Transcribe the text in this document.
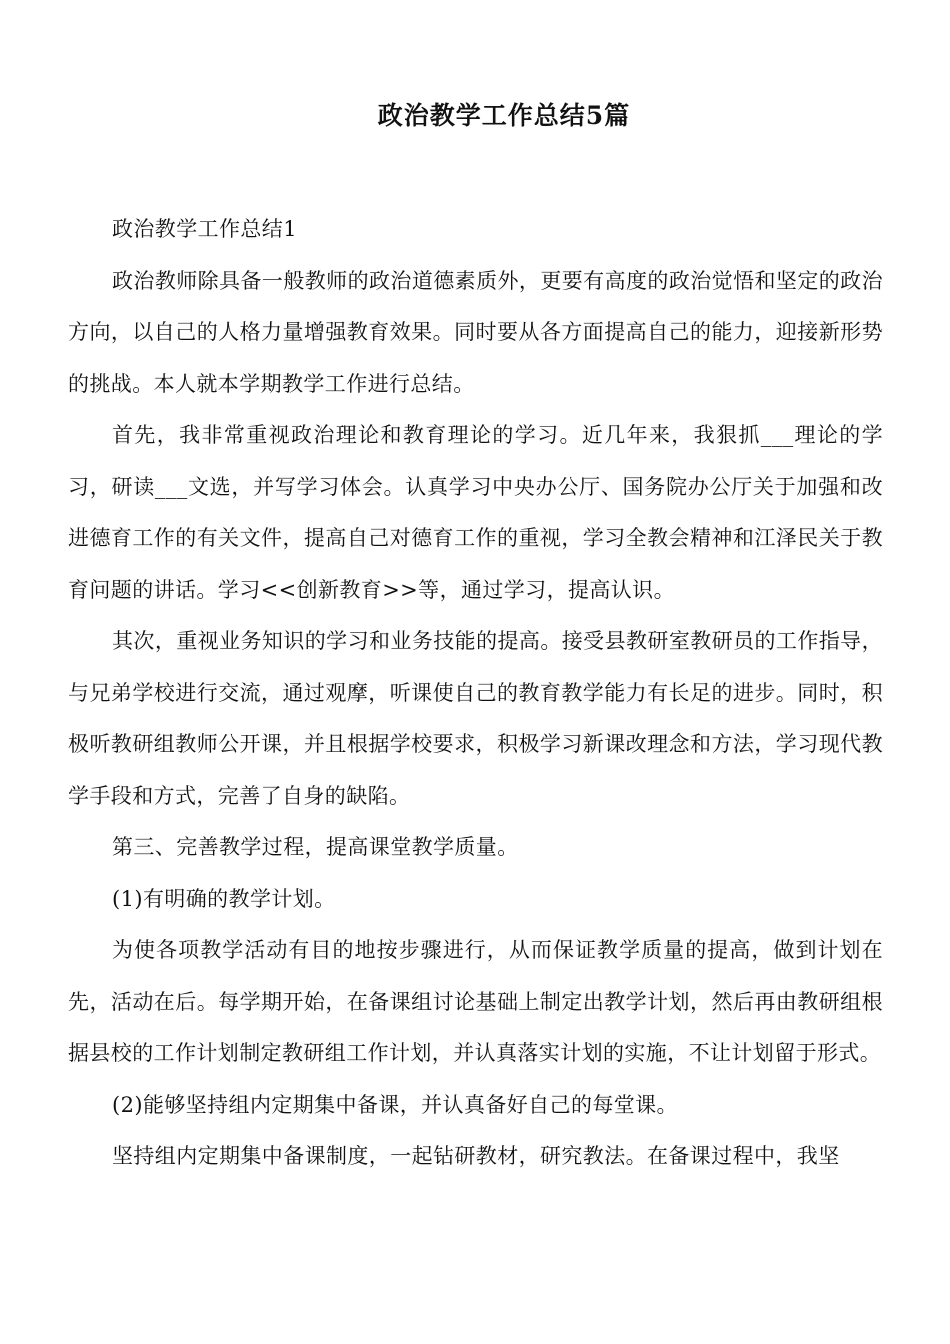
政治教学工作总结5篇

政治教学工作总结1

政治教师除具备一般教师的政治道德素质外，更要有高度的政治觉悟和坚定的政治方向，以自己的人格力量增强教育效果。同时要从各方面提高自己的能力，迎接新形势的挑战。本人就本学期教学工作进行总结。

首先，我非常重视政治理论和教育理论的学习。近几年来，我狠抓___理论的学习，研读___文选，并写学习体会。认真学习中央办公厅、国务院办公厅关于加强和改进德育工作的有关文件，提高自己对德育工作的重视，学习全教会精神和江泽民关于教育问题的讲话。学习<<创新教育>>等，通过学习，提高认识。

其次，重视业务知识的学习和业务技能的提高。接受县教研室教研员的工作指导，与兄弟学校进行交流，通过观摩，听课使自己的教育教学能力有长足的进步。同时，积极听教研组教师公开课，并且根据学校要求，积极学习新课改理念和方法，学习现代教学手段和方式，完善了自身的缺陷。

第三、完善教学过程，提高课堂教学质量。

(1)有明确的教学计划。

为使各项教学活动有目的地按步骤进行，从而保证教学质量的提高，做到计划在先，活动在后。每学期开始，在备课组讨论基础上制定出教学计划，然后再由教研组根据县校的工作计划制定教研组工作计划，并认真落实计划的实施，不让计划留于形式。

(2)能够坚持组内定期集中备课，并认真备好自己的每堂课。

坚持组内定期集中备课制度，一起钻研教材，研究教法。在备课过程中，我坚
